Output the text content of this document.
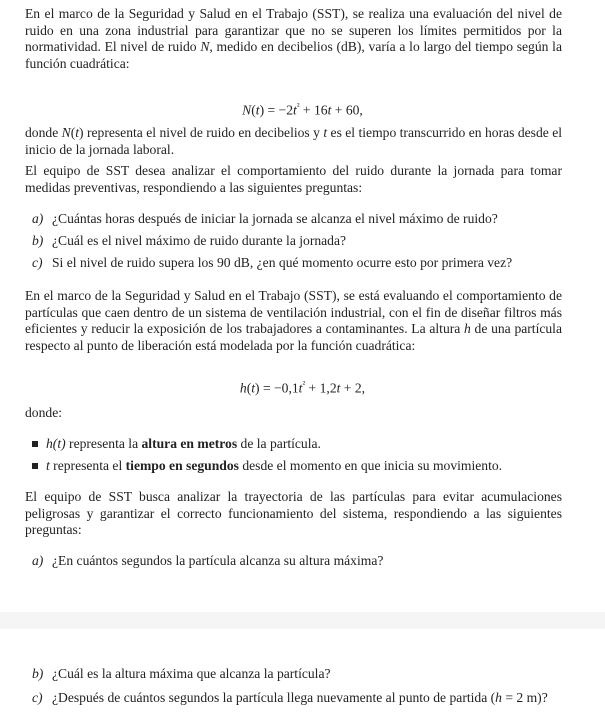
En el marco de la Seguridad y Salud en el Trabajo (SST), se realiza una evaluación del nivel de ruido en una zona industrial para garantizar que no se superen los límites permitidos por la normatividad. El nivel de ruido N, medido en decibelios (dB), varía a lo largo del tiempo según la función cuadrática:
$N(t) = -2t^{^2} + 16t + 60$,
donde N(t) representa el nivel de ruido en decibelios y t es el tiempo transcurrido en horas desde el inicio de la jornada laboral.
El equipo de SST desea analizar el comportamiento del ruido durante la jornada para tomar medidas preventivas, respondiendo a las siguientes preguntas:
a) ¿Cuántas horas después de iniciar la jornada se alcanza el nivel máximo de ruido?
b) ¿Cuál es el nivel máximo de ruido durante la jornada?
c) Si el nivel de ruido supera los 90 dB, ¿en qué momento ocurre esto por primera vez?
En el marco de la Seguridad y Salud en el Trabajo (SST), se está evaluando el comportamiento de partículas que caen dentro de un sistema de ventilación industrial, con el fin de diseñar filtros más eficientes y reducir la exposición de los trabajadores a contaminantes. La altura h de una partícula respecto al punto de liberación está modelada por la función cuadrática:
$h(t) = -0,1t^{^2} + 1,2t + 2$,
donde:
h(t) representa la altura en metros de la partícula.
t representa el tiempo en segundos desde el momento en que inicia su movimiento.
El equipo de SST busca analizar la trayectoria de las partículas para evitar acumulaciones peligrosas y garantizar el correcto funcionamiento del sistema, respondiendo a las siguientes preguntas:
a) ¿En cuántos segundos la partícula alcanza su altura máxima?
b) ¿Cuál es la altura máxima que alcanza la partícula?
c) ¿Después de cuántos segundos la partícula llega nuevamente al punto de partida (h = 2 m)?
